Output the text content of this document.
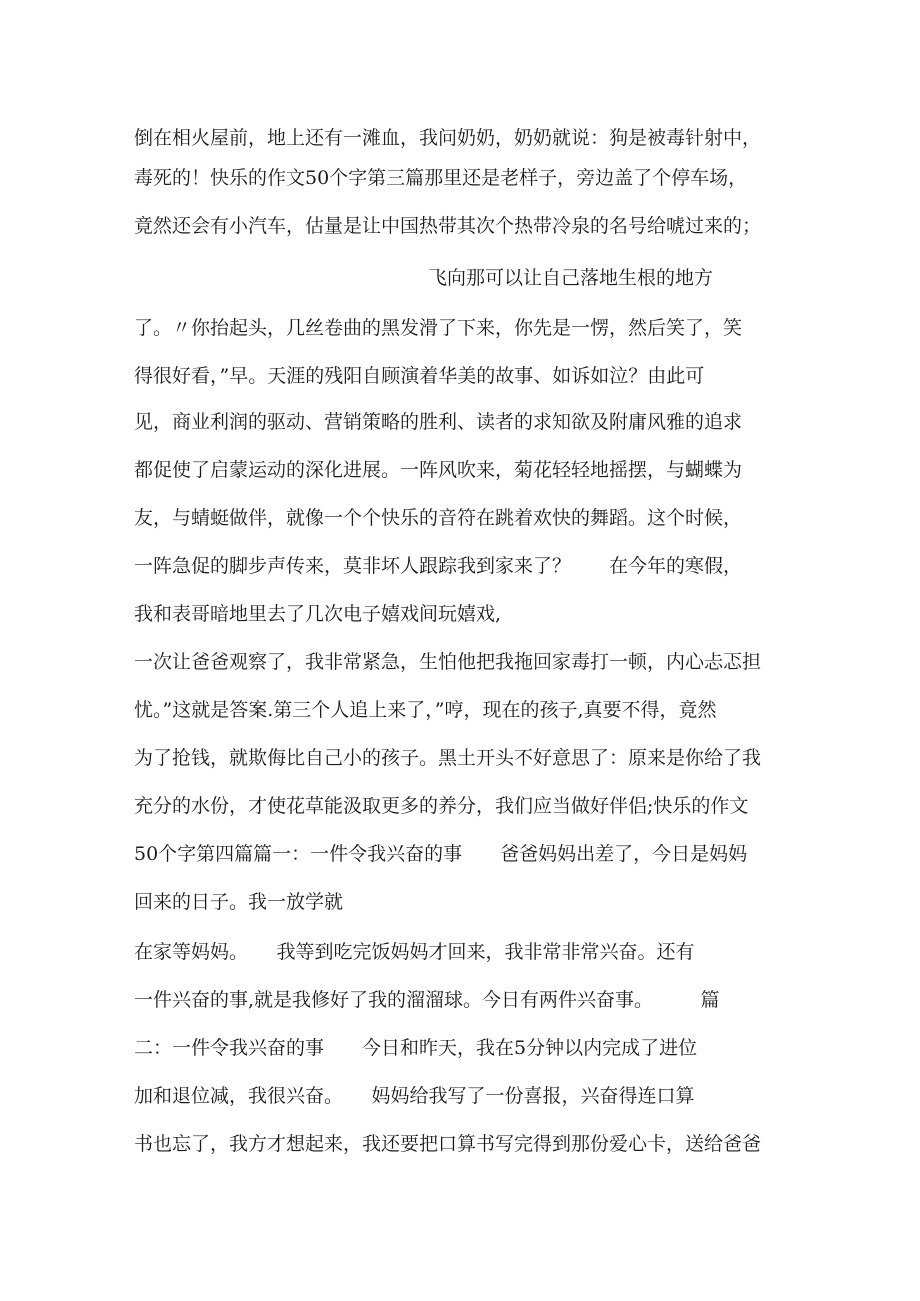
倒在相火屋前，地上还有一滩血，我问奶奶，奶奶就说：狗是被毒针射中，
毒死的！快乐的作文50个字第三篇那里还是老样子，旁边盖了个停车场，
竟然还会有小汽车，估量是让中国热带其次个热带冷泉的名号给唬过来的；
飞向那可以让自己落地生根的地方
了。〃你抬起头，几丝卷曲的黑发滑了下来，你先是一愣，然后笑了，笑
得很好看，”早。天涯的残阳自顾演着华美的故事、如诉如泣？由此可
见，商业利润的驱动、营销策略的胜利、读者的求知欲及附庸风雅的追求
都促使了启蒙运动的深化进展。一阵风吹来，菊花轻轻地摇摆，与蝴蝶为
友，与蜻蜓做伴，就像一个个快乐的音符在跳着欢快的舞蹈。这个时候，
一阵急促的脚步声传来，莫非坏人跟踪我到家来了？　　在今年的寒假，
我和表哥暗地里去了几次电子嬉戏间玩嬉戏,
一次让爸爸观察了，我非常紧急，生怕他把我拖回家毒打一顿，内心忐忑担
忧。”这就是答案.第三个人追上来了，”哼，现在的孩子,真要不得，竟然
为了抢钱，就欺侮比自己小的孩子。黑土开头不好意思了：原来是你给了我
充分的水份，才使花草能汲取更多的养分，我们应当做好伴侣;快乐的作文
50个字第四篇篇一：一件令我兴奋的事　　爸爸妈妈出差了，今日是妈妈
回来的日子。我一放学就
在家等妈妈。　　我等到吃完饭妈妈才回来，我非常非常兴奋。还有
一件兴奋的事,就是我修好了我的溜溜球。今日有两件兴奋事。　　　篇
二：一件令我兴奋的事　　今日和昨天，我在5分钟以内完成了进位
加和退位减，我很兴奋。　　妈妈给我写了一份喜报，兴奋得连口算
书也忘了，我方才想起来，我还要把口算书写完得到那份爱心卡，送给爸爸
